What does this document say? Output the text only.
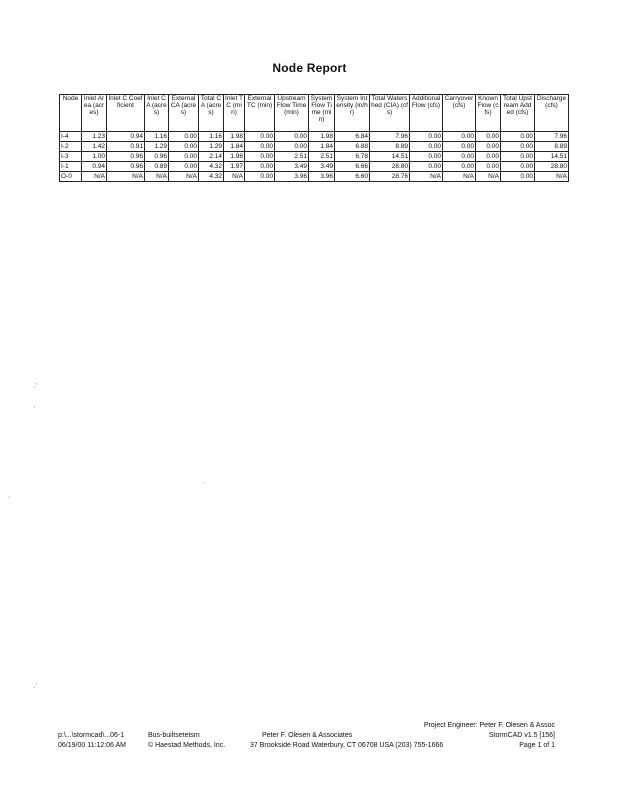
Node Report
Node	Inlet Area (acres)	Inlet C Coefficient	Inlet CA (acres)	External CA (acres)	Total CA (acres)	Inlet TC (min)	External TC (min)	Upstream Flow Time (min)	System Flow Time (min)	System Intensity (in/hr)	Total Watershed (CIA) (cfs)	Additional Flow (cfs)	Carryover (cfs)	Known Flow (cfs)	Total Upstream Added (cfs)	Discharge (cfs)
I-4	1.23	0.94	1.16	0.00	1.16	1.98	0.00	0.00	1.98	6.84	7.96	0.00	0.00	0.00	0.00	7.96
I-2	1.42	0.91	1.29	0.00	1.29	1.84	0.00	0.00	1.84	6.88	8.89	0.00	0.00	0.00	0.00	8.89
I-3	1.00	0.96	0.96	0.00	2.14	1.98	0.00	2.51	2.51	6.78	14.51	0.00	0.00	0.00	0.00	14.51
I-1	0.94	0.96	0.89	0.00	4.32	1.97	0.00	3.49	3.49	6.66	28.80	0.00	0.00	0.00	0.00	28.80
O-0	N/A	N/A	N/A	N/A	4.32	N/A	0.00	3.96	3.96	6.60	28.76	N/A	N/A	N/A	0.00	N/A
Project Engineer: Peter F. Olesen & Assoc
p:\...\stormcad\...06-1	Bus-builtsetetsm	Peter F. Olesen & Associates	StormCAD v1.5 [156]
06/19/00 11:12:06 AM	© Haestad Methods, Inc.	37 Brookside Road Waterbury, CT 06708 USA (203) 755-1666	Page 1 of 1
·´
·
·
·
·´
